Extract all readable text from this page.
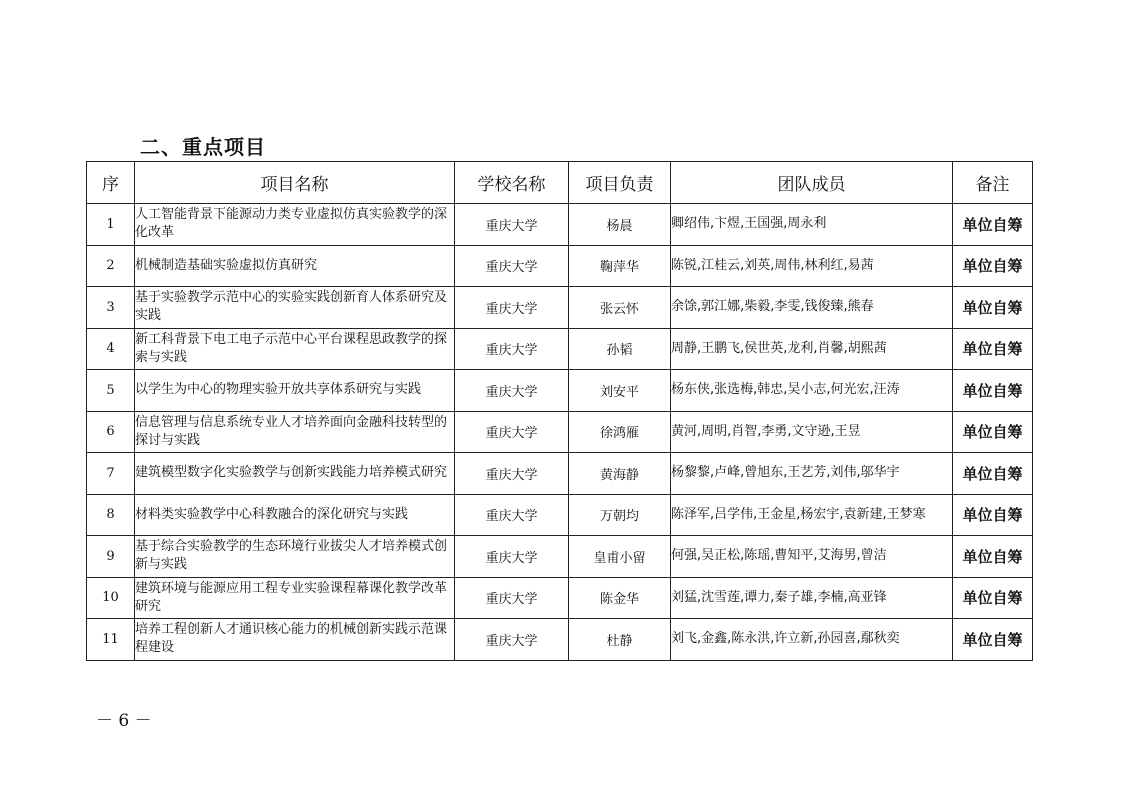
二、重点项目
序	项目名称	学校名称	项目负责	团队成员	备注
1	人工智能背景下能源动力类专业虚拟仿真实验教学的深化改革	重庆大学	杨晨	卿绍伟,卞煜,王国强,周永利	单位自筹
2	机械制造基础实验虚拟仿真研究	重庆大学	鞠萍华	陈锐,江桂云,刘英,周伟,林利红,易茜	单位自筹
3	基于实验教学示范中心的实验实践创新育人体系研究及实践	重庆大学	张云怀	余馀,郭江娜,柴毅,李雯,钱俊臻,熊春	单位自筹
4	新工科背景下电工电子示范中心平台课程思政教学的探索与实践	重庆大学	孙韬	周静,王鹏飞,侯世英,龙利,肖馨,胡熙茜	单位自筹
5	以学生为中心的物理实验开放共享体系研究与实践	重庆大学	刘安平	杨东侠,张选梅,韩忠,吴小志,何光宏,汪涛	单位自筹
6	信息管理与信息系统专业人才培养面向金融科技转型的探讨与实践	重庆大学	徐鸿雁	黄河,周明,肖智,李勇,文守逊,王昱	单位自筹
7	建筑模型数字化实验教学与创新实践能力培养模式研究	重庆大学	黄海静	杨黎黎,卢峰,曾旭东,王艺芳,刘伟,邬华宇	单位自筹
8	材料类实验教学中心科教融合的深化研究与实践	重庆大学	万朝均	陈泽军,吕学伟,王金星,杨宏宇,袁新建,王梦寒	单位自筹
9	基于综合实验教学的生态环境行业拔尖人才培养模式创新与实践	重庆大学	皇甫小留	何强,吴正松,陈瑶,曹知平,艾海男,曾洁	单位自筹
10	建筑环境与能源应用工程专业实验课程幕课化教学改革研究	重庆大学	陈金华	刘猛,沈雪莲,谭力,秦子雄,李楠,高亚锋	单位自筹
11	培养工程创新人才通识核心能力的机械创新实践示范课程建设	重庆大学	杜静	刘飞,金鑫,陈永洪,许立新,孙园喜,鄢秋奕	单位自筹

－ 6 －
